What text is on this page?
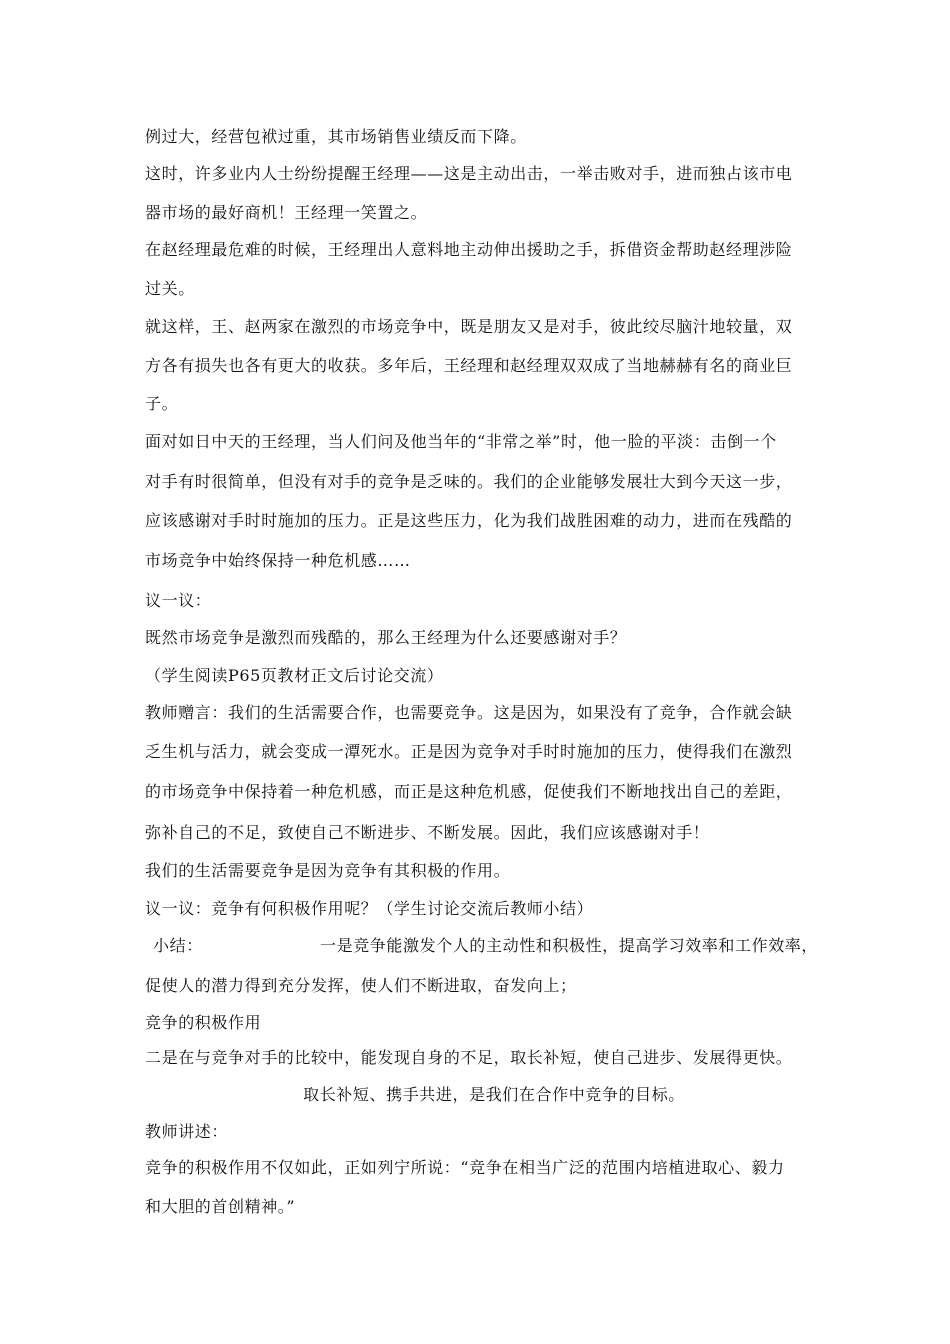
例过大，经营包袱过重，其市场销售业绩反而下降。

这时，许多业内人士纷纷提醒王经理——这是主动出击，一举击败对手，进而独占该市电

器市场的最好商机！王经理一笑置之。

在赵经理最危难的时候，王经理出人意料地主动伸出援助之手，拆借资金帮助赵经理涉险

过关。

就这样，王、赵两家在激烈的市场竞争中，既是朋友又是对手，彼此绞尽脑汁地较量，双

方各有损失也各有更大的收获。多年后，王经理和赵经理双双成了当地赫赫有名的商业巨

子。

面对如日中天的王经理，当人们问及他当年的“非常之举”时，他一脸的平淡：击倒一个

对手有时很简单，但没有对手的竞争是乏味的。我们的企业能够发展壮大到今天这一步，

应该感谢对手时时施加的压力。正是这些压力，化为我们战胜困难的动力，进而在残酷的

市场竞争中始终保持一种危机感……

议一议：

既然市场竞争是激烈而残酷的，那么王经理为什么还要感谢对手？

（学生阅读P65页教材正文后讨论交流）

教师赠言：我们的生活需要合作，也需要竞争。这是因为，如果没有了竞争，合作就会缺

乏生机与活力，就会变成一潭死水。正是因为竞争对手时时施加的压力，使得我们在激烈

的市场竞争中保持着一种危机感，而正是这种危机感，促使我们不断地找出自己的差距，

弥补自己的不足，致使自己不断进步、不断发展。因此，我们应该感谢对手！

我们的生活需要竞争是因为竞争有其积极的作用。

议一议：竞争有何积极作用呢？（学生讨论交流后教师小结）

小结：	一是竞争能激发个人的主动性和积极性，提高学习效率和工作效率，

促使人的潜力得到充分发挥，使人们不断进取，奋发向上；

竞争的积极作用

二是在与竞争对手的比较中，能发现自身的不足，取长补短，使自己进步、发展得更快。

取长补短、携手共进，是我们在合作中竞争的目标。

教师讲述：

竞争的积极作用不仅如此，正如列宁所说：“竞争在相当广泛的范围内培植进取心、毅力

和大胆的首创精神。”
